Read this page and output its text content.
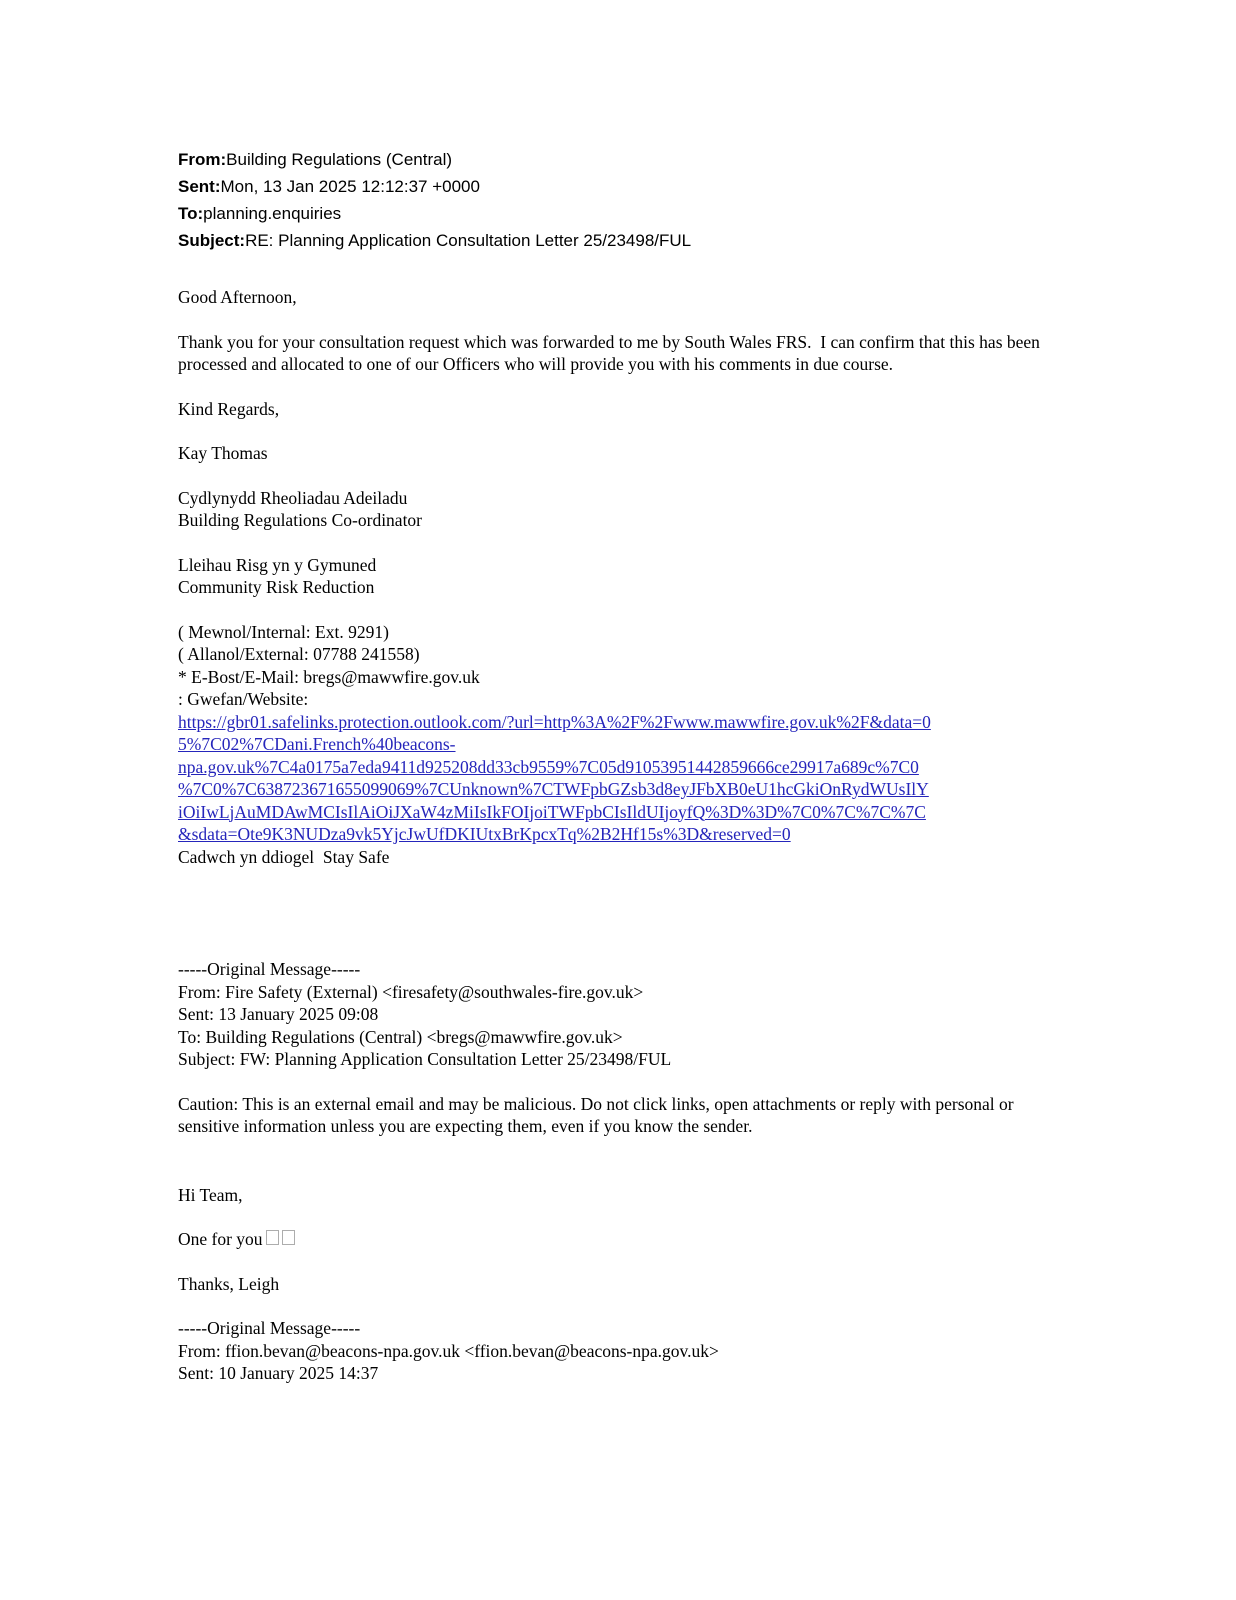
From:Building Regulations (Central)
Sent:Mon, 13 Jan 2025 12:12:37 +0000
To:planning.enquiries
Subject:RE: Planning Application Consultation Letter 25/23498/FUL
Good Afternoon,
Thank you for your consultation request which was forwarded to me by South Wales FRS.  I can confirm that this has been processed and allocated to one of our Officers who will provide you with his comments in due course.
Kind Regards,
Kay Thomas
Cydlynydd Rheoliadau Adeiladu
Building Regulations Co-ordinator
Lleihau Risg yn y Gymuned
Community Risk Reduction
( Mewnol/Internal: Ext. 9291)
( Allanol/External: 07788 241558)
* E-Bost/E-Mail: bregs@mawwfire.gov.uk
: Gwefan/Website:
https://gbr01.safelinks.protection.outlook.com/?url=http%3A%2F%2Fwww.mawwfire.gov.uk%2F&data=0
5%7C02%7CDani.French%40beacons-
npa.gov.uk%7C4a0175a7eda9411d925208dd33cb9559%7C05d91053951442859666ce29917a689c%7C0
%7C0%7C638723671655099069%7CUnknown%7CTWFpbGZsb3d8eyJFbXB0eU1hcGkiOnRydWUsIlY
iOiIwLjAuMDAwMCIsIlAiOiJXaW4zMiIsIkFOIjoiTWFpbCIsIldUIjoyfQ%3D%3D%7C0%7C%7C%7C
&sdata=Ote9K3NUDza9vk5YjcJwUfDKIUtxBrKpcxTq%2B2Hf15s%3D&reserved=0
Cadwch yn ddiogel  Stay Safe
-----Original Message-----
From: Fire Safety (External) <firesafety@southwales-fire.gov.uk>
Sent: 13 January 2025 09:08
To: Building Regulations (Central) <bregs@mawwfire.gov.uk>
Subject: FW: Planning Application Consultation Letter 25/23498/FUL
Caution: This is an external email and may be malicious. Do not click links, open attachments or reply with personal or sensitive information unless you are expecting them, even if you know the sender.
Hi Team,
One for you
Thanks, Leigh
-----Original Message-----
From: ffion.bevan@beacons-npa.gov.uk <ffion.bevan@beacons-npa.gov.uk>
Sent: 10 January 2025 14:37
